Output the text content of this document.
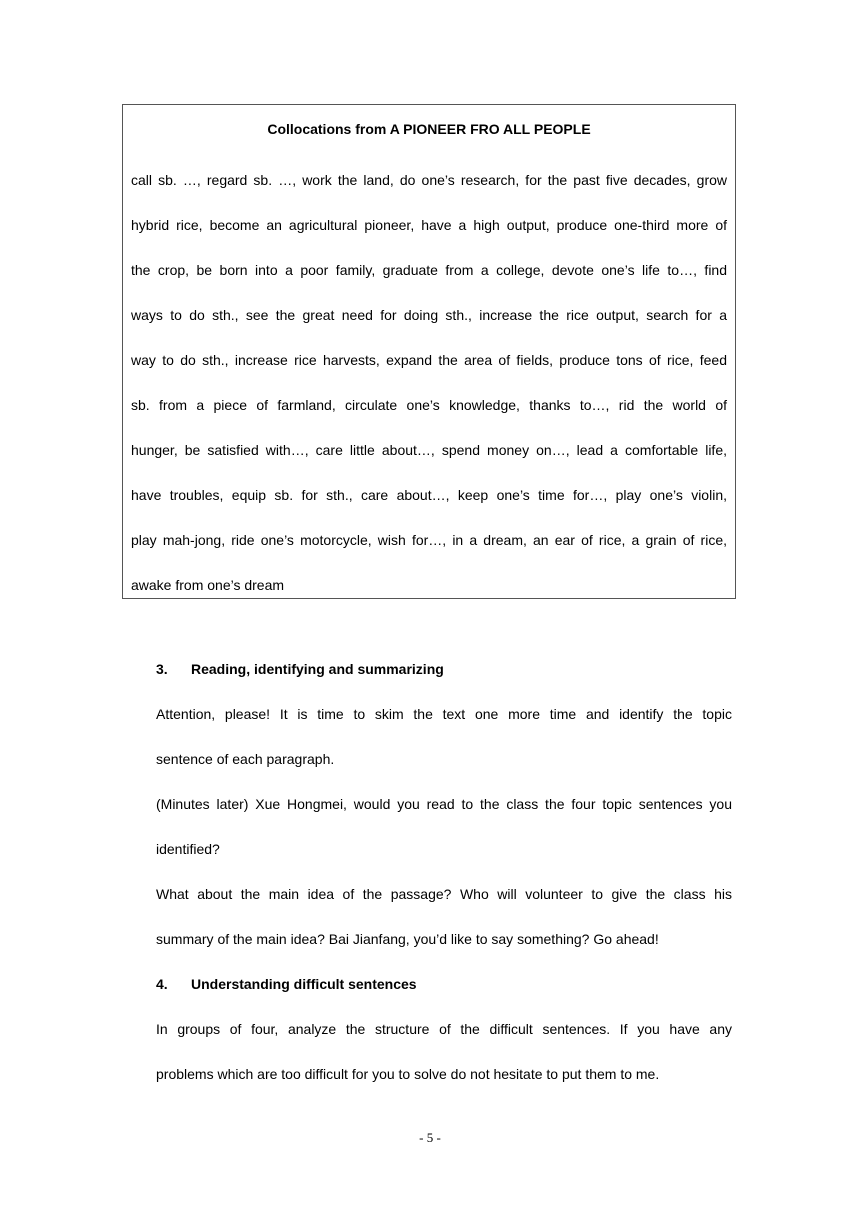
Collocations from A PIONEER FRO ALL PEOPLE
call sb. …, regard sb. …, work the land, do one’s research, for the past five decades, grow
hybrid rice, become an agricultural pioneer, have a high output, produce one-third more of
the crop, be born into a poor family, graduate from a college, devote one’s life to…, find
ways to do sth., see the great need for doing sth., increase the rice output, search for a
way to do sth., increase rice harvests, expand the area of fields, produce tons of rice, feed
sb. from a piece of farmland, circulate one’s knowledge, thanks to…, rid the world of
hunger, be satisfied with…, care little about…, spend money on…, lead a comfortable life,
have troubles, equip sb. for sth., care about…, keep one’s time for…, play one’s violin,
play mah-jong, ride one’s motorcycle, wish for…, in a dream, an ear of rice, a grain of rice,
awake from one’s dream
3. Reading, identifying and summarizing
Attention, please! It is time to skim the text one more time and identify the topic
sentence of each paragraph.
(Minutes later) Xue Hongmei, would you read to the class the four topic sentences you
identified?
What about the main idea of the passage? Who will volunteer to give the class his
summary of the main idea? Bai Jianfang, you’d like to say something? Go ahead!
4. Understanding difficult sentences
In groups of four, analyze the structure of the difficult sentences. If you have any
problems which are too difficult for you to solve do not hesitate to put them to me.
- 5 -
